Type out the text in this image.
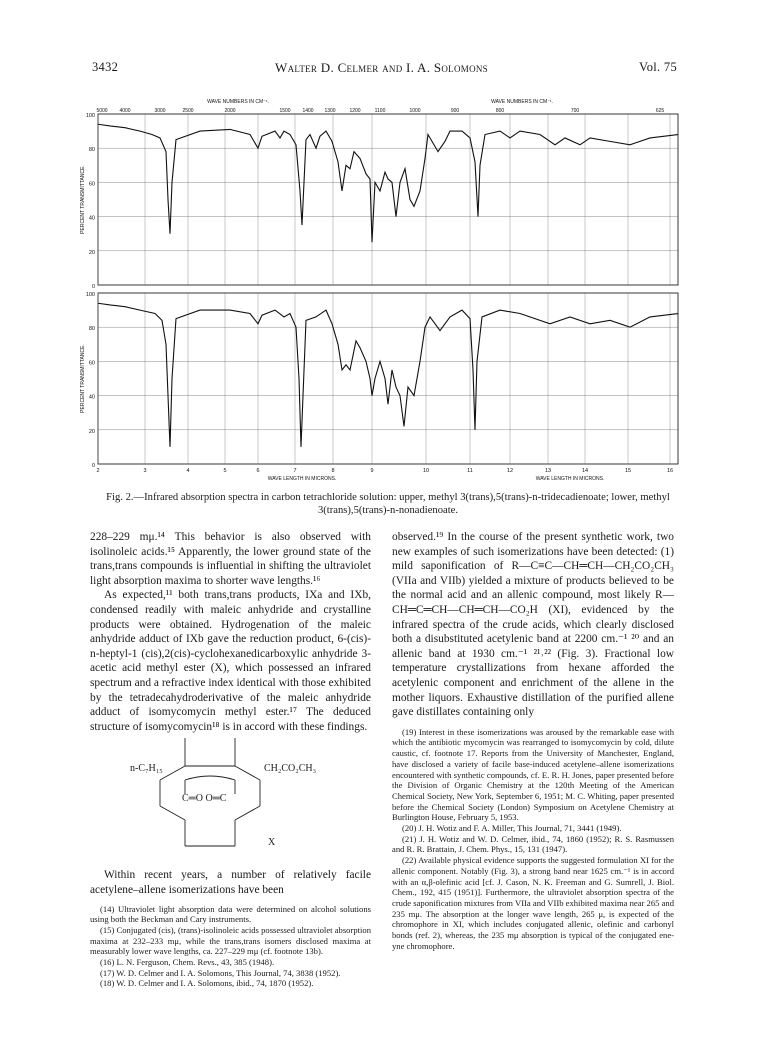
3432	Walter D. Celmer and I. A. Solomons	Vol. 75
100
80
60
40
20
0
PERCENT TRANSMITTANCE.
100
80
60
40
20
0
PERCENT TRANSMITTANCE.
5000 4000	3000	2500	2000	1500 1400 1300	1200	1100	1000	900	800	700	625
WAVE NUMBERS IN CM⁻¹.	WAVE NUMBERS IN CM⁻¹.
2	3	4	5	6	7	8	9	10	11	12	13	14	15	16
WAVE LENGTH IN MICRONS.	WAVE LENGTH IN MICRONS.
Fig. 2.—Infrared absorption spectra in carbon tetrachloride solution: upper, methyl 3(trans),5(trans)-n-tridecadienoate; lower, methyl 3(trans),5(trans)-n-nonadienoate.

228–229 mμ.¹⁴ This behavior is also observed with isolinoleic acids.¹⁵ Apparently, the lower ground state of the trans,trans compounds is influential in shifting the ultraviolet light absorption maxima to shorter wave lengths.¹⁶

As expected,¹¹ both trans,trans products, IXa and IXb, condensed readily with maleic anhydride and crystalline products were obtained. Hydrogenation of the maleic anhydride adduct of IXb gave the reduction product, 6-(cis)-n-heptyl-1 (cis),2(cis)-cyclohexanedicarboxylic anhydride 3-acetic acid methyl ester (X), which possessed an infrared spectrum and a refractive index identical with those exhibited by the tetradecahydroderivative of the maleic anhydride adduct of isomycomycin methyl ester.¹⁷ The deduced structure of isomycomycin¹⁸ is in accord with these findings.

n-C₇H₁₅	CH₂CO₂CH₃
C═O O═C
X

Within recent years, a number of relatively facile acetylene–allene isomerizations have been

(14) Ultraviolet light absorption data were determined on alcohol solutions using both the Beckman and Cary instruments.

(15) Conjugated (cis), (trans)-isolinoleic acids possessed ultraviolet absorption maxima at 232–233 mμ, while the trans,trans isomers disclosed maxima at measurably lower wave lengths, ca. 227–229 mμ (cf. footnote 13b).

(16) L. N. Ferguson, Chem. Revs., 43, 385 (1948).

(17) W. D. Celmer and I. A. Solomons, This Journal, 74, 3838 (1952).

(18) W. D. Celmer and I. A. Solomons, ibid., 74, 1870 (1952).

observed.¹⁹ In the course of the present synthetic work, two new examples of such isomerizations have been detected: (1) mild saponification of R—C≡C—CH═CH—CH₂CO₂CH₃ (VIIa and VIIb) yielded a mixture of products believed to be the normal acid and an allenic compound, most likely R—CH═C═CH—CH═CH—CO₂H (XI), evidenced by the infrared spectra of the crude acids, which clearly disclosed both a disubstituted acetylenic band at 2200 cm.⁻¹ ²⁰ and an allenic band at 1930 cm.⁻¹ ²¹˒²² (Fig. 3). Fractional low temperature crystallizations from hexane afforded the acetylenic component and enrichment of the allene in the mother liquors. Exhaustive distillation of the purified allene gave distillates containing only

(19) Interest in these isomerizations was aroused by the remarkable ease with which the antibiotic mycomycin was rearranged to isomycomycin by cold, dilute caustic, cf. footnote 17. Reports from the University of Manchester, England, have disclosed a variety of facile base-induced acetylene–allene isomerizations encountered with synthetic compounds, cf. E. R. H. Jones, paper presented before the Division of Organic Chemistry at the 120th Meeting of the American Chemical Society, New York, September 6, 1951; M. C. Whiting, paper presented before the Chemical Society (London) Symposium on Acetylene Chemistry at Burlington House, February 5, 1953.

(20) J. H. Wotiz and F. A. Miller, This Journal, 71, 3441 (1949).

(21) J. H. Wotiz and W. D. Celmer, ibid., 74, 1860 (1952); R. S. Rasmussen and R. R. Brattain, J. Chem. Phys., 15, 131 (1947).

(22) Available physical evidence supports the suggested formulation XI for the allenic component. Notably (Fig. 3), a strong band near 1625 cm.⁻¹ is in accord with an α,β-olefinic acid [cf. J. Cason, N. K. Freeman and G. Sumrell, J. Biol. Chem., 192, 415 (1951)]. Furthermore, the ultraviolet absorption spectra of the crude saponification mixtures from VIIa and VIIb exhibited maxima near 265 and 235 mμ. The absorption at the longer wave length, 265 μ, is expected of the chromophore in XI, which includes conjugated allenic, olefinic and carbonyl bonds (ref. 2), whereas, the 235 mμ absorption is typical of the conjugated ene-yne chromophore.
